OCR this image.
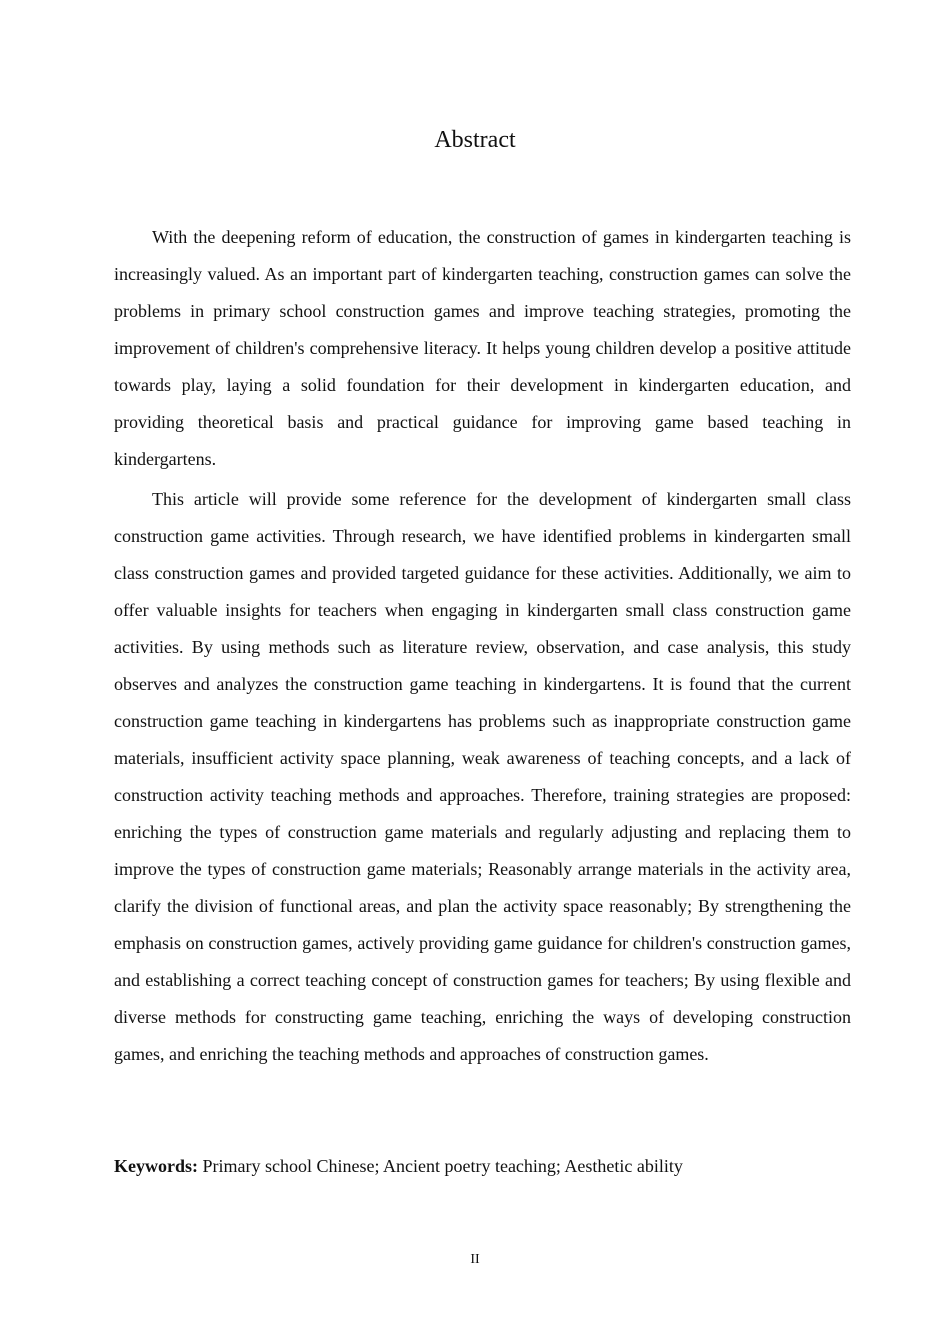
Abstract

With the deepening reform of education, the construction of games in kindergarten teaching is increasingly valued. As an important part of kindergarten teaching, construction games can solve the problems in primary school construction games and improve teaching strategies, promoting the improvement of children's comprehensive literacy. It helps young children develop a positive attitude towards play, laying a solid foundation for their development in kindergarten education, and providing theoretical basis and practical guidance for improving game based teaching in kindergartens.

This article will provide some reference for the development of kindergarten small class construction game activities. Through research, we have identified problems in kindergarten small class construction games and provided targeted guidance for these activities. Additionally, we aim to offer valuable insights for teachers when engaging in kindergarten small class construction game activities. By using methods such as literature review, observation, and case analysis, this study observes and analyzes the construction game teaching in kindergartens. It is found that the current construction game teaching in kindergartens has problems such as inappropriate construction game materials, insufficient activity space planning, weak awareness of teaching concepts, and a lack of construction activity teaching methods and approaches. Therefore, training strategies are proposed: enriching the types of construction game materials and regularly adjusting and replacing them to improve the types of construction game materials; Reasonably arrange materials in the activity area, clarify the division of functional areas, and plan the activity space reasonably; By strengthening the emphasis on construction games, actively providing game guidance for children's construction games, and establishing a correct teaching concept of construction games for teachers; By using flexible and diverse methods for constructing game teaching, enriching the ways of developing construction games, and enriching the teaching methods and approaches of construction games.

Keywords: Primary school Chinese; Ancient poetry teaching; Aesthetic ability

II
